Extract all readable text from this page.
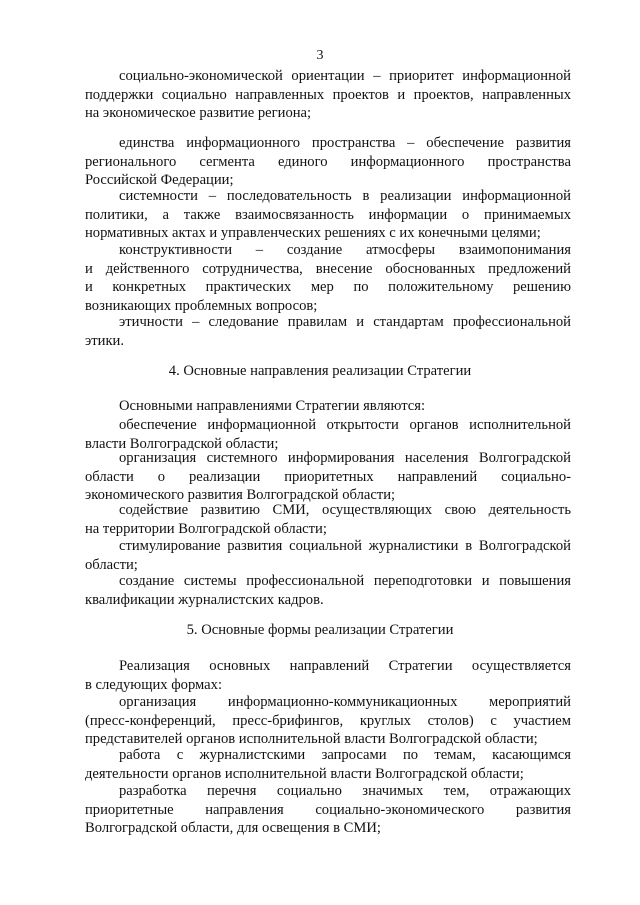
3
социально-экономической ориентации – приоритет информационной
поддержки социально направленных проектов и проектов, направленных
на экономическое развитие региона;
единства информационного пространства – обеспечение развития
регионального сегмента единого информационного пространства
Российской Федерации;
системности – последовательность в реализации информационной
политики, а также взаимосвязанность информации о принимаемых
нормативных актах и управленческих решениях с их конечными целями;
конструктивности – создание атмосферы взаимопонимания
и действенного сотрудничества, внесение обоснованных предложений
и конкретных практических мер по положительному решению
возникающих проблемных вопросов;
этичности – следование правилам и стандартам профессиональной
этики.
4. Основные направления реализации Стратегии
Основными направлениями Стратегии являются:
обеспечение информационной открытости органов исполнительной
власти Волгоградской области;
организация системного информирования населения Волгоградской
области о реализации приоритетных направлений социально-
экономического развития Волгоградской области;
содействие развитию СМИ, осуществляющих свою деятельность
на территории Волгоградской области;
стимулирование развития социальной журналистики в Волгоградской
области;
создание системы профессиональной переподготовки и повышения
квалификации журналистских кадров.
5. Основные формы реализации Стратегии
Реализация основных направлений Стратегии осуществляется
в следующих формах:
организация информационно-коммуникационных мероприятий
(пресс-конференций, пресс-брифингов, круглых столов) с участием
представителей органов исполнительной власти Волгоградской области;
работа с журналистскими запросами по темам, касающимся
деятельности органов исполнительной власти Волгоградской области;
разработка перечня социально значимых тем, отражающих
приоритетные направления социально-экономического развития
Волгоградской области, для освещения в СМИ;
